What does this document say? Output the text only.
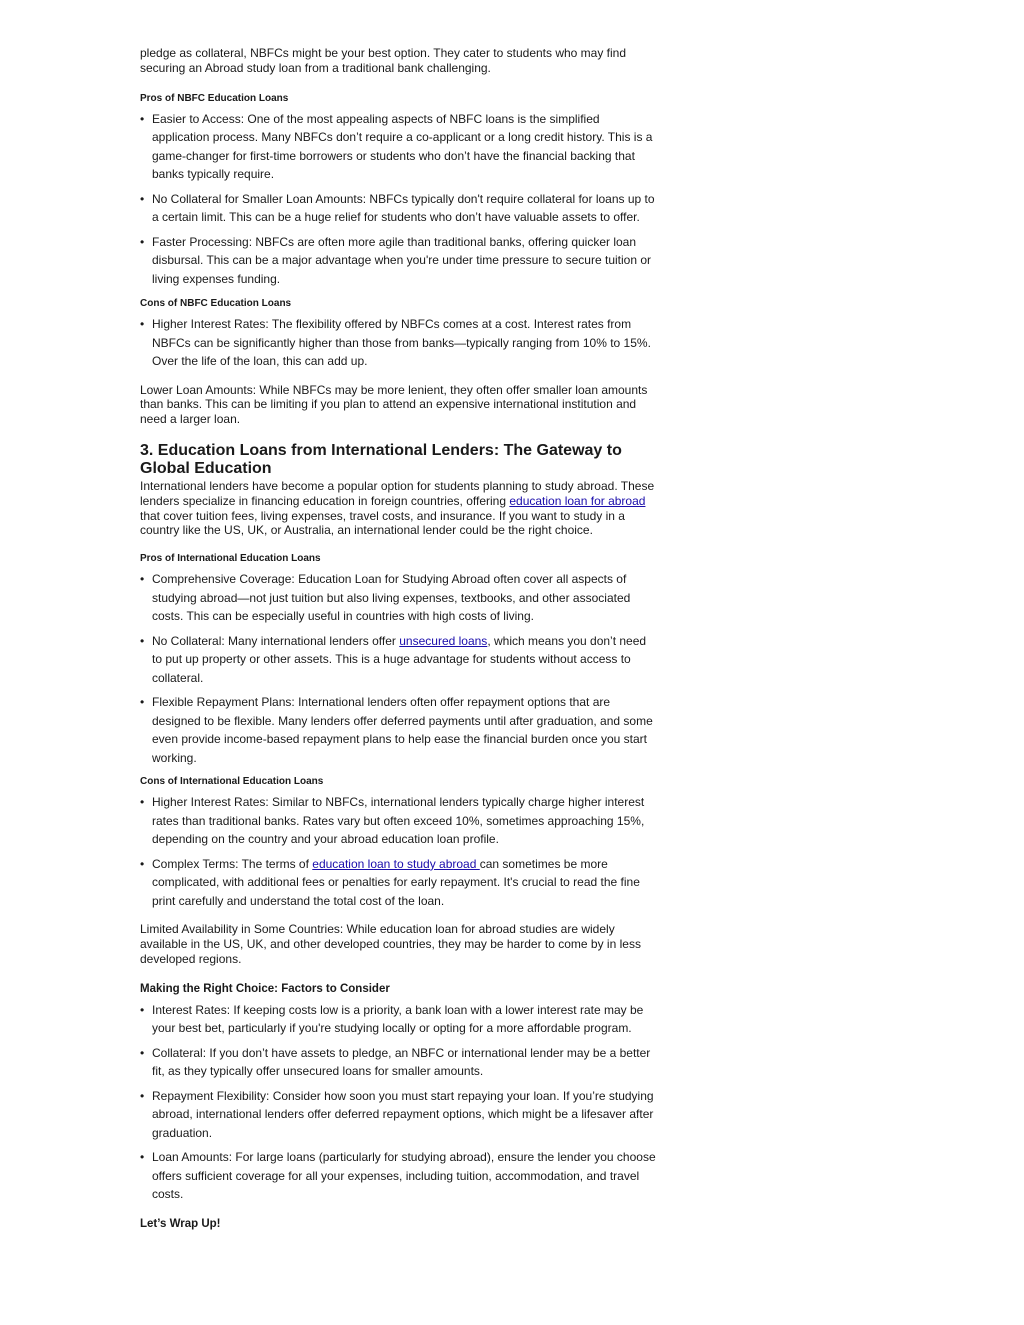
pledge as collateral, NBFCs might be your best option. They cater to students who may find securing an Abroad study loan from a traditional bank challenging.

Pros of NBFC Education Loans
• Easier to Access: One of the most appealing aspects of NBFC loans is the simplified application process. Many NBFCs don’t require a co-applicant or a long credit history. This is a game-changer for first-time borrowers or students who don’t have the financial backing that banks typically require.
• No Collateral for Smaller Loan Amounts: NBFCs typically don't require collateral for loans up to a certain limit. This can be a huge relief for students who don’t have valuable assets to offer.
• Faster Processing: NBFCs are often more agile than traditional banks, offering quicker loan disbursal. This can be a major advantage when you're under time pressure to secure tuition or living expenses funding.
Cons of NBFC Education Loans
• Higher Interest Rates: The flexibility offered by NBFCs comes at a cost. Interest rates from NBFCs can be significantly higher than those from banks—typically ranging from 10% to 15%. Over the life of the loan, this can add up.

Lower Loan Amounts: While NBFCs may be more lenient, they often offer smaller loan amounts than banks. This can be limiting if you plan to attend an expensive international institution and need a larger loan.

3. Education Loans from International Lenders: The Gateway to Global Education

International lenders have become a popular option for students planning to study abroad. These lenders specialize in financing education in foreign countries, offering education loan for abroad that cover tuition fees, living expenses, travel costs, and insurance. If you want to study in a country like the US, UK, or Australia, an international lender could be the right choice.

Pros of International Education Loans
• Comprehensive Coverage: Education Loan for Studying Abroad often cover all aspects of studying abroad—not just tuition but also living expenses, textbooks, and other associated costs. This can be especially useful in countries with high costs of living.
• No Collateral: Many international lenders offer unsecured loans, which means you don’t need to put up property or other assets. This is a huge advantage for students without access to collateral.
• Flexible Repayment Plans: International lenders often offer repayment options that are designed to be flexible. Many lenders offer deferred payments until after graduation, and some even provide income-based repayment plans to help ease the financial burden once you start working.
Cons of International Education Loans
• Higher Interest Rates: Similar to NBFCs, international lenders typically charge higher interest rates than traditional banks. Rates vary but often exceed 10%, sometimes approaching 15%, depending on the country and your abroad education loan profile.
• Complex Terms: The terms of education loan to study abroad can sometimes be more complicated, with additional fees or penalties for early repayment. It's crucial to read the fine print carefully and understand the total cost of the loan.

Limited Availability in Some Countries: While education loan for abroad studies are widely available in the US, UK, and other developed countries, they may be harder to come by in less developed regions.

Making the Right Choice: Factors to Consider
• Interest Rates: If keeping costs low is a priority, a bank loan with a lower interest rate may be your best bet, particularly if you're studying locally or opting for a more affordable program.
• Collateral: If you don’t have assets to pledge, an NBFC or international lender may be a better fit, as they typically offer unsecured loans for smaller amounts.
• Repayment Flexibility: Consider how soon you must start repaying your loan. If you’re studying abroad, international lenders offer deferred repayment options, which might be a lifesaver after graduation.
• Loan Amounts: For large loans (particularly for studying abroad), ensure the lender you choose offers sufficient coverage for all your expenses, including tuition, accommodation, and travel costs.
Let’s Wrap Up!
